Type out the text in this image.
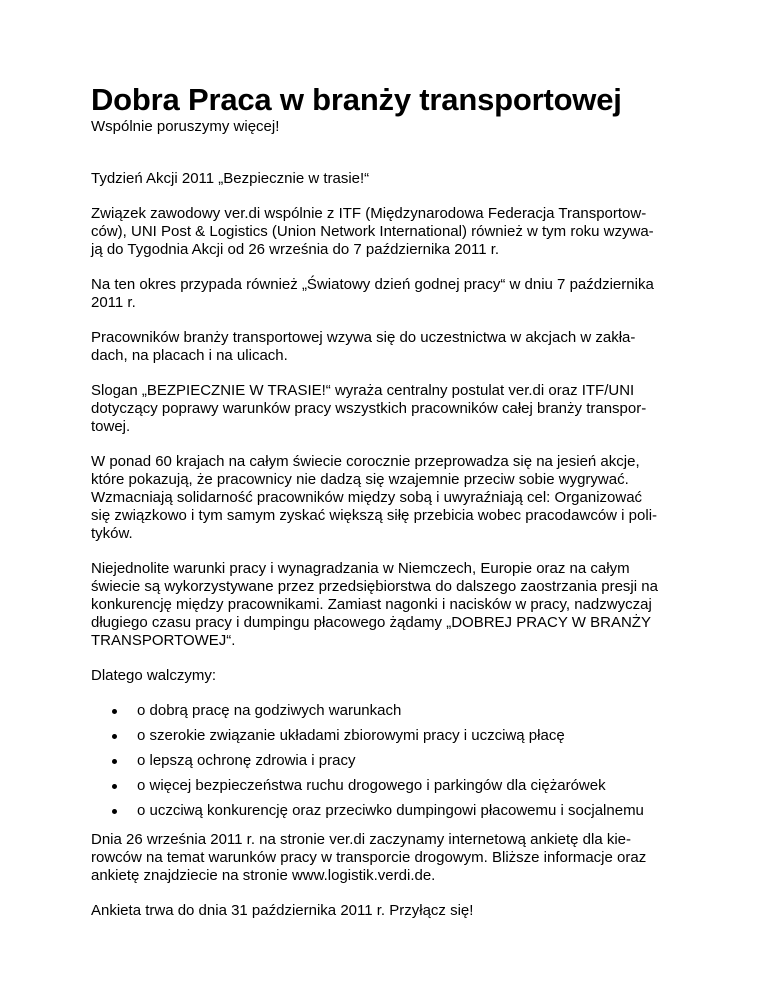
Dobra Praca w branży transportowej
Wspólnie poruszymy więcej!

Tydzień Akcji 2011 „Bezpiecznie w trasie!“

Związek zawodowy ver.di wspólnie z ITF (Międzynarodowa Federacja Transportow-
ców), UNI Post & Logistics (Union Network International) również w tym roku wzywa-
ją do Tygodnia Akcji od 26 września do 7 października 2011 r.

Na ten okres przypada również „Światowy dzień godnej pracy“ w dniu 7 października
2011 r.

Pracowników branży transportowej wzywa się do uczestnictwa w akcjach w zakła-
dach, na placach i na ulicach.

Slogan „BEZPIECZNIE W TRASIE!“ wyraża centralny postulat ver.di oraz ITF/UNI
dotyczący poprawy warunków pracy wszystkich pracowników całej branży transpor-
towej.

W ponad 60 krajach na całym świecie corocznie przeprowadza się na jesień akcje,
które pokazują, że pracownicy nie dadzą się wzajemnie przeciw sobie wygrywać.
Wzmacniają solidarność pracowników między sobą i uwyraźniają cel: Organizować
się związkowo i tym samym zyskać większą siłę przebicia wobec pracodawców i poli-
tyków.

Niejednolite warunki pracy i wynagradzania w Niemczech, Europie oraz na całym
świecie są wykorzystywane przez przedsiębiorstwa do dalszego zaostrzania presji na
konkurencję między pracownikami. Zamiast nagonki i nacisków w pracy, nadzwyczaj
długiego czasu pracy i dumpingu płacowego żądamy „DOBREJ PRACY W BRANŻY
TRANSPORTOWEJ“.

Dlatego walczymy:

o dobrą pracę na godziwych warunkach
o szerokie związanie układami zbiorowymi pracy i uczciwą płacę
o lepszą ochronę zdrowia i pracy
o więcej bezpieczeństwa ruchu drogowego i parkingów dla ciężarówek
o uczciwą konkurencję oraz przeciwko dumpingowi płacowemu i socjalnemu

Dnia 26 września 2011 r. na stronie ver.di zaczynamy internetową ankietę dla kie-
rowców na temat warunków pracy w transporcie drogowym. Bliższe informacje oraz
ankietę znajdziecie na stronie www.logistik.verdi.de.

Ankieta trwa do dnia 31 października 2011 r. Przyłącz się!
